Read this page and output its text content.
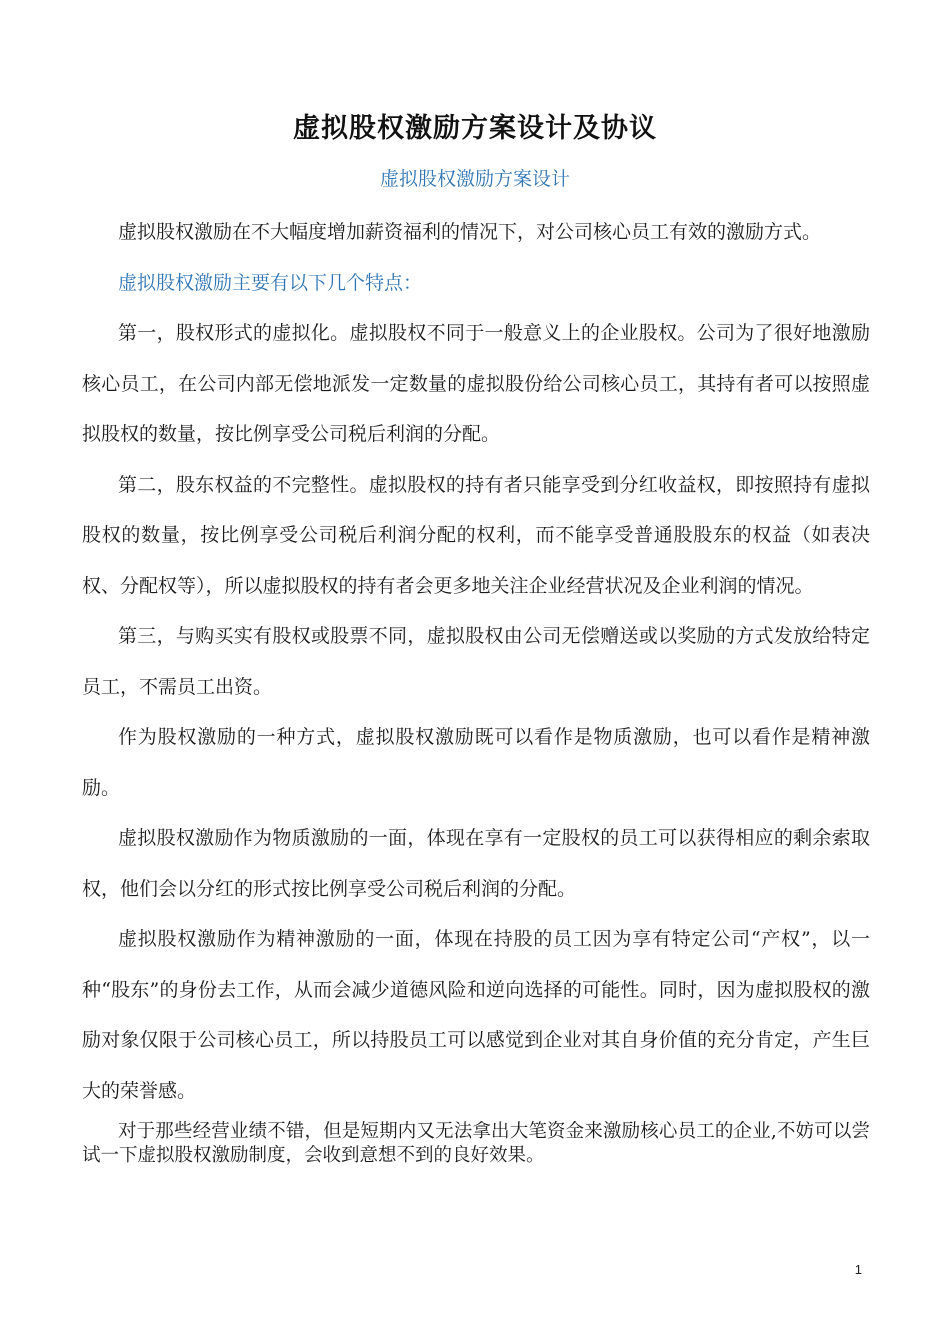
虚拟股权激励方案设计及协议
虚拟股权激励方案设计

虚拟股权激励在不大幅度增加薪资福利的情况下，对公司核心员工有效的激励方式。

虚拟股权激励主要有以下几个特点：

第一，股权形式的虚拟化。虚拟股权不同于一般意义上的企业股权。公司为了很好地激励核心员工，在公司内部无偿地派发一定数量的虚拟股份给公司核心员工，其持有者可以按照虚拟股权的数量，按比例享受公司税后利润的分配。

第二，股东权益的不完整性。虚拟股权的持有者只能享受到分红收益权，即按照持有虚拟股权的数量，按比例享受公司税后利润分配的权利，而不能享受普通股股东的权益（如表决权、分配权等），所以虚拟股权的持有者会更多地关注企业经营状况及企业利润的情况。

第三，与购买实有股权或股票不同，虚拟股权由公司无偿赠送或以奖励的方式发放给特定员工，不需员工出资。

作为股权激励的一种方式，虚拟股权激励既可以看作是物质激励，也可以看作是精神激励。

虚拟股权激励作为物质激励的一面，体现在享有一定股权的员工可以获得相应的剩余索取权，他们会以分红的形式按比例享受公司税后利润的分配。

虚拟股权激励作为精神激励的一面，体现在持股的员工因为享有特定公司“产权”，以一种“股东”的身份去工作，从而会减少道德风险和逆向选择的可能性。同时，因为虚拟股权的激励对象仅限于公司核心员工，所以持股员工可以感觉到企业对其自身价值的充分肯定，产生巨大的荣誉感。

对于那些经营业绩不错，但是短期内又无法拿出大笔资金来激励核心员工的企业,不妨可以尝试一下虚拟股权激励制度，会收到意想不到的良好效果。

1
